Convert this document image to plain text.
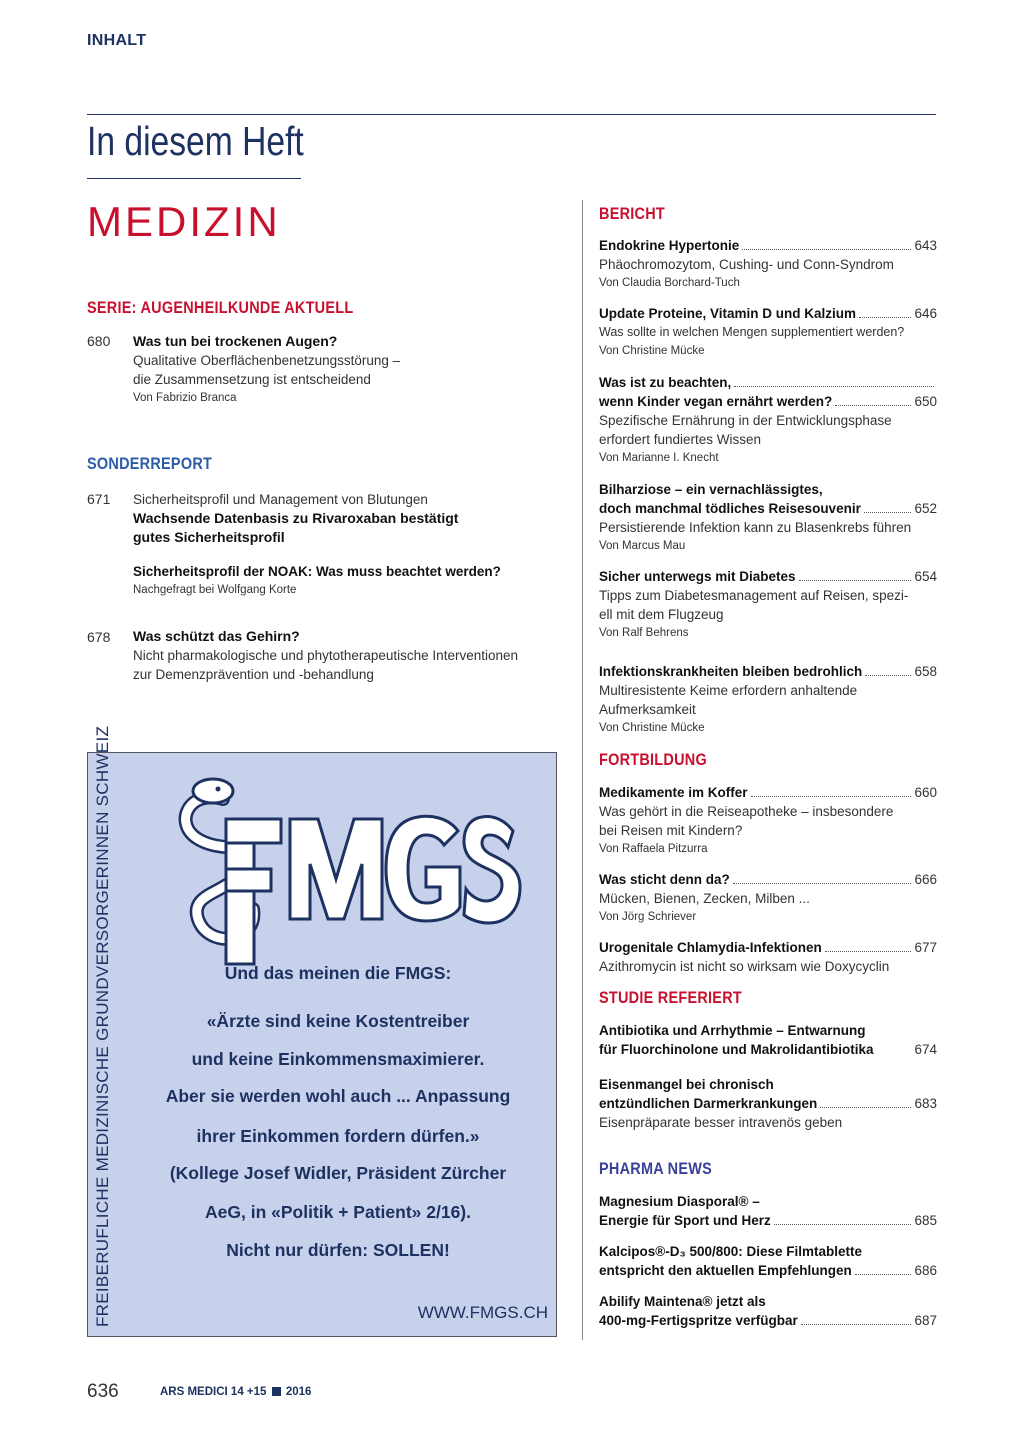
INHALT
In diesem Heft
MEDIZIN
SERIE: AUGENHEILKUNDE AKTUELL
680 Was tun bei trockenen Augen?
Qualitative Oberflächenbenetzungsstörung –
die Zusammensetzung ist entscheidend
Von Fabrizio Branca
SONDERREPORT
671 Sicherheitsprofil und Management von Blutungen
Wachsende Datenbasis zu Rivaroxaban bestätigt
gutes Sicherheitsprofil
Sicherheitsprofil der NOAK: Was muss beachtet werden?
Nachgefragt bei Wolfgang Korte
678 Was schützt das Gehirn?
Nicht pharmakologische und phytotherapeutische Interventionen
zur Demenzprävention und -behandlung
FREIBERUFLICHE MEDIZINISCHE GRUNDVERSORGERINNEN SCHWEIZ	Und das meinen die FMGS:
«Ärzte sind keine Kostentreiber
und keine Einkommensmaximierer.
Aber sie werden wohl auch ... Anpassung
ihrer Einkommen fordern dürfen.»
(Kollege Josef Widler, Präsident Zürcher
AeG, in «Politik + Patient» 2/16).
Nicht nur dürfen: SOLLEN!
WWW.FMGS.CH
BERICHT
Endokrine Hypertonie	643
Phäochromozytom, Cushing- und Conn-Syndrom
Von Claudia Borchard-Tuch
Update Proteine, Vitamin D und Kalzium	646
Was sollte in welchen Mengen supplementiert werden?
Von Christine Mücke
Was ist zu beachten,
wenn Kinder vegan ernährt werden?	650
Spezifische Ernährung in der Entwicklungsphase
erfordert fundiertes Wissen
Von Marianne I. Knecht
Bilharziose – ein vernachlässigtes,
doch manchmal tödliches Reisesouvenir	652
Persistierende Infektion kann zu Blasenkrebs führen
Von Marcus Mau
Sicher unterwegs mit Diabetes	654
Tipps zum Diabetesmanagement auf Reisen, spezi-
ell mit dem Flugzeug
Von Ralf Behrens
Infektionskrankheiten bleiben bedrohlich	658
Multiresistente Keime erfordern anhaltende
Aufmerksamkeit
Von Christine Mücke
FORTBILDUNG
Medikamente im Koffer	660
Was gehört in die Reiseapotheke – insbesondere
bei Reisen mit Kindern?
Von Raffaela Pitzurra
Was sticht denn da?	666
Mücken, Bienen, Zecken, Milben ...
Von Jörg Schriever
Urogenitale Chlamydia-Infektionen	677
Azithromycin ist nicht so wirksam wie Doxycyclin
STUDIE REFERIERT
Antibiotika und Arrhythmie – Entwarnung
für Fluorchinolone und Makrolidantibiotika	674
Eisenmangel bei chronisch
entzündlichen Darmerkrankungen	683
Eisenpräparate besser intravenös geben
PHARMA NEWS
Magnesium Diasporal® –
Energie für Sport und Herz	685
Kalcipos®-D₃ 500/800: Diese Filmtablette
entspricht den aktuellen Empfehlungen	686
Abilify Maintena® jetzt als
400-mg-Fertigspritze verfügbar	687
636	ARS MEDICI 14 +15 2016
